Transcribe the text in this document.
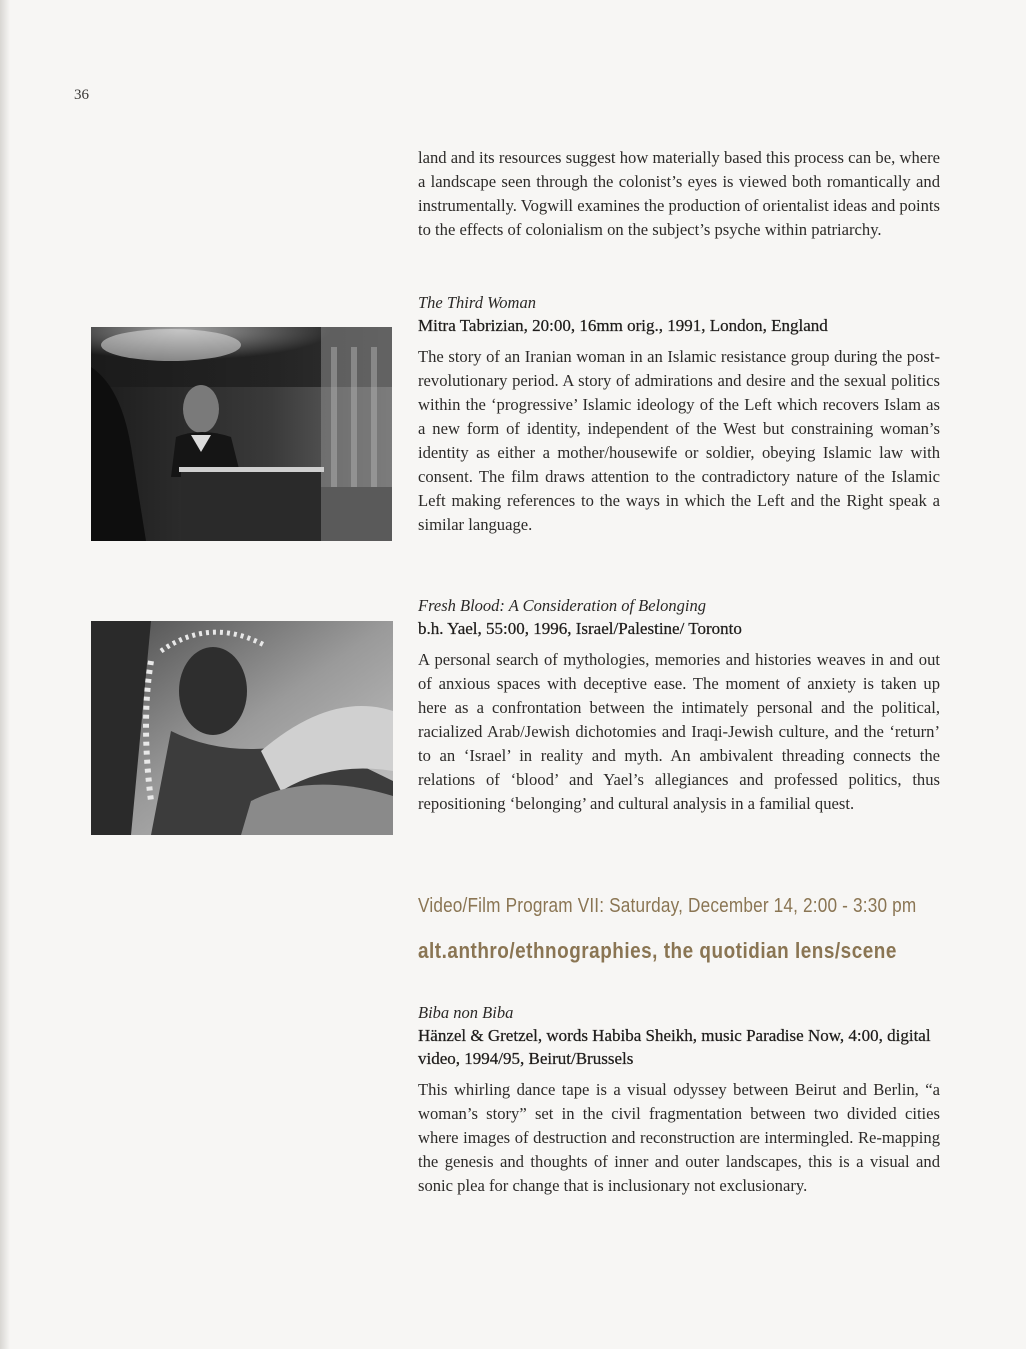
36

land and its resources suggest how materially based this process can be, where a landscape seen through the colonist’s eyes is viewed both romantically and instrumentally. Vogwill examines the production of orientalist ideas and points to the effects of colonialism on the subject’s psyche within patriarchy.

The Third Woman

Mitra Tabrizian, 20:00, 16mm orig., 1991, London, England

The story of an Iranian woman in an Islamic resistance group during the post-revolutionary period. A story of admirations and desire and the sexual politics within the ‘progressive’ Islamic ideology of the Left which recovers Islam as a new form of identity, independent of the West but constraining woman’s identity as either a mother/housewife or soldier, obeying Islamic law with consent. The film draws attention to the contradictory nature of the Islamic Left making references to the ways in which the Left and the Right speak a similar language.

Fresh Blood: A Consideration of Belonging

b.h. Yael, 55:00, 1996, Israel/Palestine/ Toronto

A personal search of mythologies, memories and histories weaves in and out of anxious spaces with deceptive ease. The moment of anxiety is taken up here as a confrontation between the intimately personal and the political, racialized Arab/Jewish dichotomies and Iraqi-Jewish culture, and the ‘return’ to an ‘Israel’ in reality and myth. An ambivalent threading connects the relations of ‘blood’ and Yael’s allegiances and professed politics, thus repositioning ‘belonging’ and cultural analysis in a familial quest.

Video/Film Program VII: Saturday, December 14, 2:00 - 3:30 pm
alt.anthro/ethnographies, the quotidian lens/scene

Biba non Biba

Hänzel & Gretzel, words Habiba Sheikh, music Paradise Now, 4:00, digital video, 1994/95, Beirut/Brussels

This whirling dance tape is a visual odyssey between Beirut and Berlin, “a woman’s story” set in the civil fragmentation between two divided cities where images of destruction and reconstruction are intermingled. Re-mapping the genesis and thoughts of inner and outer landscapes, this is a visual and sonic plea for change that is inclusionary not exclusionary.
